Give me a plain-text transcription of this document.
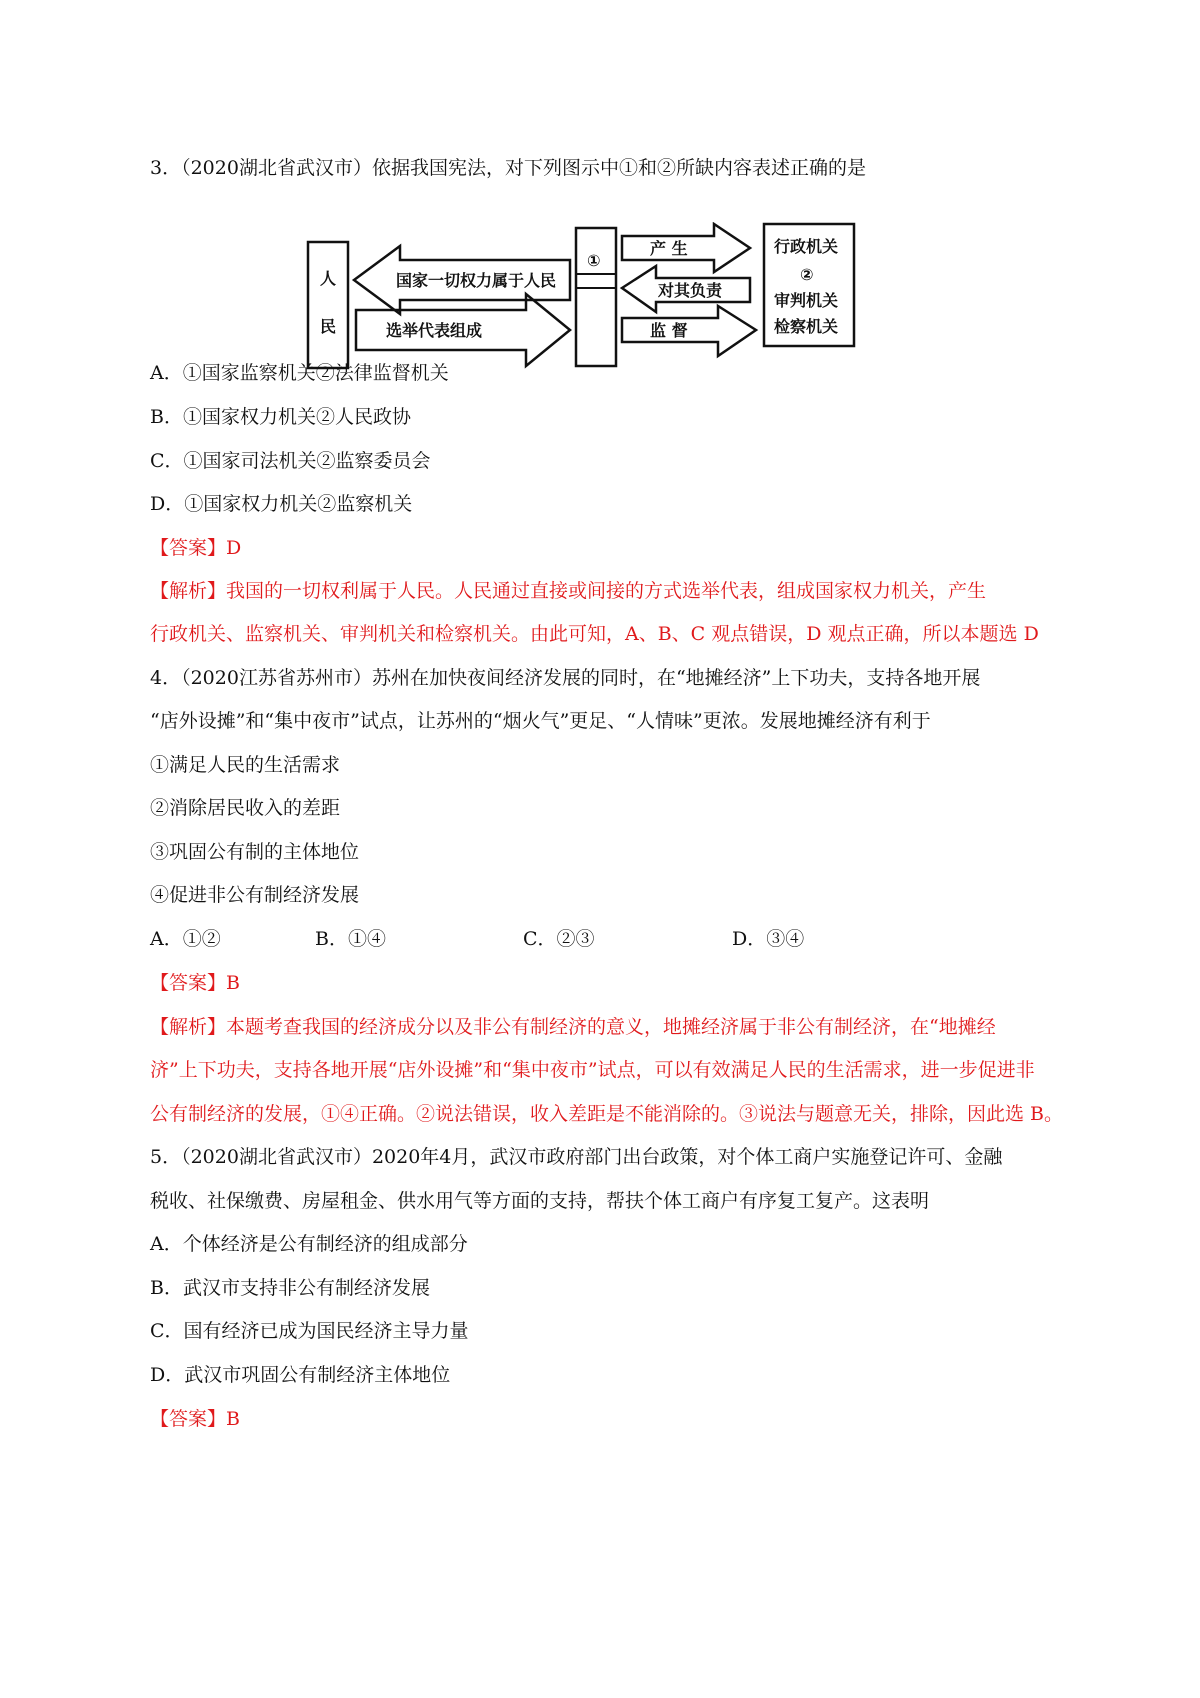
3．（2020湖北省武汉市）依据我国宪法，对下列图示中①和②所缺内容表述正确的是
人
民
国家一切权力属于人民
选举代表组成
①
产 生
对其负责
监 督
行政机关
②
审判机关
检察机关
A．①国家监察机关②法律监督机关
B．①国家权力机关②人民政协
C．①国家司法机关②监察委员会
D．①国家权力机关②监察机关
【答案】D
【解析】我国的一切权利属于人民。人民通过直接或间接的方式选举代表，组成国家权力机关，产生
行政机关、监察机关、审判机关和检察机关。由此可知，A、B、C 观点错误，D 观点正确，所以本题选 D
4．（2020江苏省苏州市）苏州在加快夜间经济发展的同时，在“地摊经济”上下功夫，支持各地开展
“店外设摊”和“集中夜市”试点，让苏州的“烟火气”更足、“人情味”更浓。发展地摊经济有利于
①满足人民的生活需求
②消除居民收入的差距
③巩固公有制的主体地位
④促进非公有制经济发展
A．①②	B．①④	C．②③	D．③④
【答案】B
【解析】本题考查我国的经济成分以及非公有制经济的意义，地摊经济属于非公有制经济，在“地摊经
济”上下功夫，支持各地开展“店外设摊”和“集中夜市”试点，可以有效满足人民的生活需求，进一步促进非
公有制经济的发展，①④正确。②说法错误，收入差距是不能消除的。③说法与题意无关，排除，因此选 B。
5．（2020湖北省武汉市）2020年4月，武汉市政府部门出台政策，对个体工商户实施登记许可、金融
税收、社保缴费、房屋租金、供水用气等方面的支持，帮扶个体工商户有序复工复产。这表明
A．个体经济是公有制经济的组成部分
B．武汉市支持非公有制经济发展
C．国有经济已成为国民经济主导力量
D．武汉市巩固公有制经济主体地位
【答案】B
